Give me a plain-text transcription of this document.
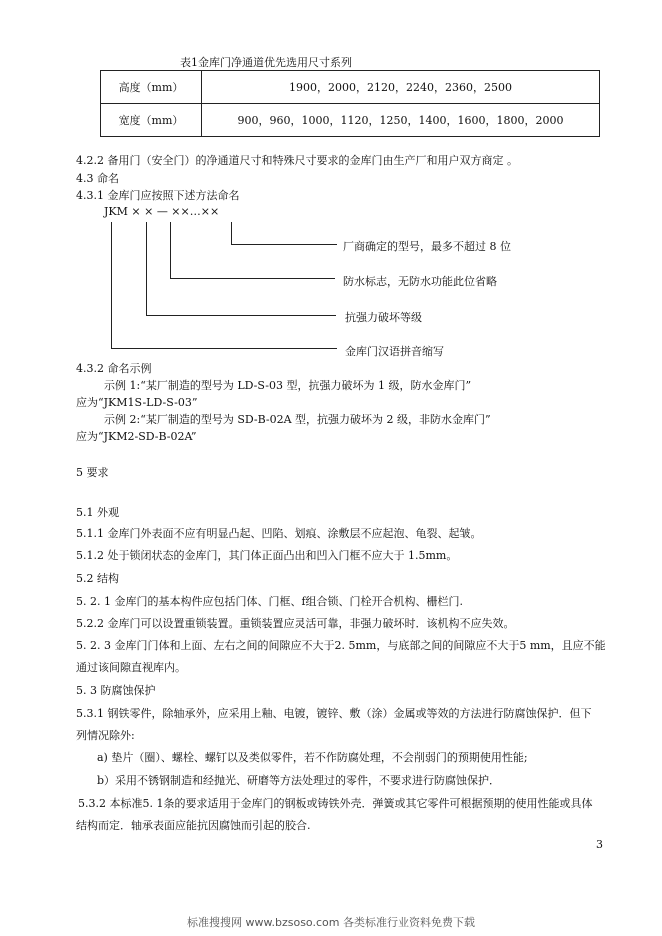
表1金库门净通道优先选用尺寸系列
高度（mm）	1900，2000，2120，2240，2360，2500
宽度（mm）	900，960，1000，1120，1250，1400，1600，1800，2000
4.2.2 备用门（安全门）的净通道尺寸和特殊尺寸要求的金库门由生产厂和用户双方商定 。
4.3 命名
4.3.1 金库门应按照下述方法命名
JKM × × — ××…××
厂商确定的型号，最多不超过 8 位
防水标志，无防水功能此位省略
抗强力破坏等级
金库门汉语拼音缩写
4.3.2 命名示例
示例 1:“某厂制造的型号为 LD-S-03 型，抗强力破坏为 1 级，防水金库门”
应为“JKM1S-LD-S-03”
示例 2:“某厂制造的型号为 SD-B-02A 型，抗强力破坏为 2 级，非防水金库门”
应为“JKM2-SD-B-02A”
5 要求
5.1 外观
5.1.1 金库门外表面不应有明显凸起、凹陷、划痕、涂敷层不应起泡、龟裂、起皱。
5.1.2 处于锁闭状态的金库门，其门体正面凸出和凹入门框不应大于 1.5mm。
5.2 结构
5. 2. 1 金库门的基本构件应包括门体、门框、f组合锁、门栓开合机构、栅栏门.
5.2.2 金库门可以设置重锁装置。重锁装置应灵活可靠，非强力破坏时．该机构不应失效。
5. 2. 3 金库门门体和上面、左右之间的间隙应不大于2. 5mm，与底部之间的间隙应不大于5 mm，且应不能
通过该间隙直视库内。
5. 3 防腐蚀保护
5.3.1 钢铁零件，除轴承外，应采用上釉、电镀，镀锌、敷（涂）金属或等效的方法进行防腐蚀保护．但下
列情况除外:
a) 垫片（圈）、螺栓、螺钉以及类似零件，若不作防腐处理，不会削弱门的预期使用性能;
b）采用不锈钢制造和经抛光、研磨等方法处理过的零件，不要求进行防腐蚀保护．
5.3.2 本标准5. 1条的要求适用于金库门的钢板或铸铁外壳．弹簧或其它零件可根据预期的使用性能或具体
结构而定．轴承表面应能抗因腐蚀而引起的胶合.
3
标准搜搜网 www.bzsoso.com 各类标准行业资料免费下载
